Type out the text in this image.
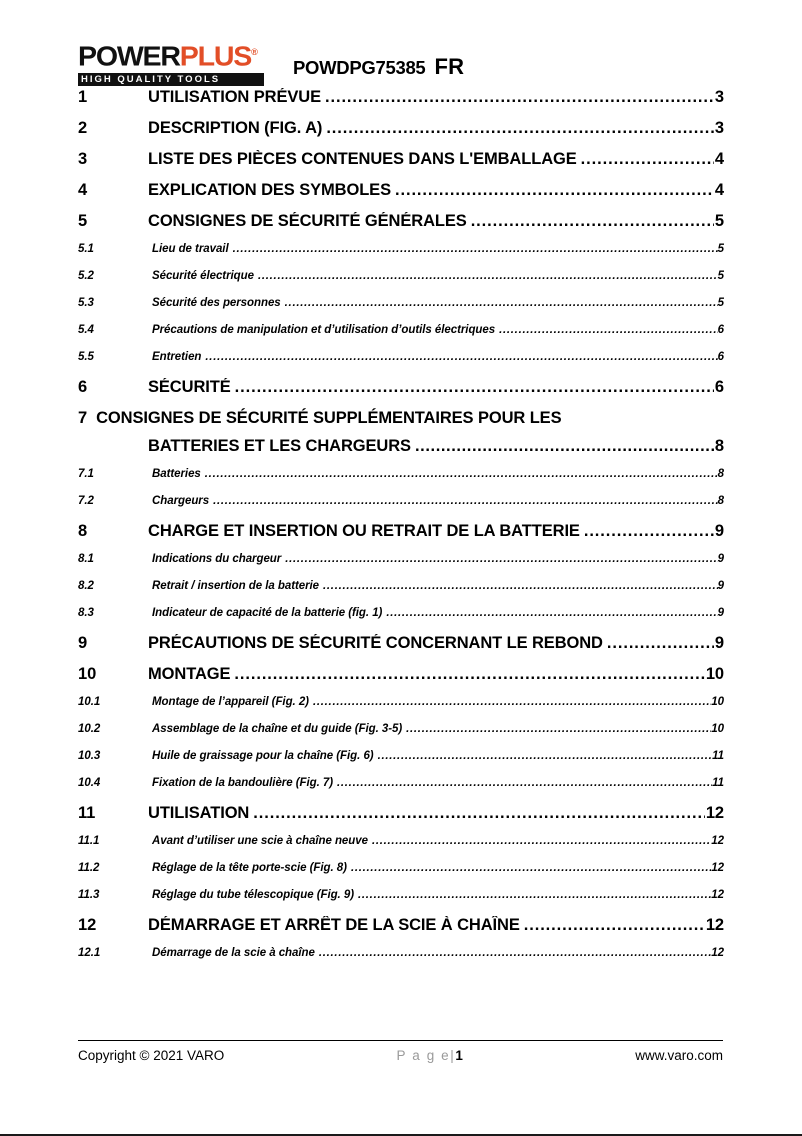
POWERPLUS®
HIGH QUALITY TOOLS
POWDPG75385 FR
1	UTILISATION PRÉVUE .....	3
2	DESCRIPTION (FIG. A) .....	3
3	LISTE DES PIÈCES CONTENUES DANS L'EMBALLAGE .....	4
4	EXPLICATION DES SYMBOLES .....	4
5	CONSIGNES DE SÉCURITÉ GÉNÉRALES .....	5
5.1	Lieu de travail .....	5
5.2	Sécurité électrique .....	5
5.3	Sécurité des personnes .....	5
5.4	Précautions de manipulation et d’utilisation d’outils électriques .....	6
5.5	Entretien .....	6
6	SÉCURITÉ .....	6
7 CONSIGNES DE SÉCURITÉ SUPPLÉMENTAIRES POUR LES
BATTERIES ET LES CHARGEURS .....	8
7.1	Batteries .....	8
7.2	Chargeurs .....	8
8	CHARGE ET INSERTION OU RETRAIT DE LA BATTERIE .....	9
8.1	Indications du chargeur .....	9
8.2	Retrait / insertion de la batterie .....	9
8.3	Indicateur de capacité de la batterie (fig. 1) .....	9
9	PRÉCAUTIONS DE SÉCURITÉ CONCERNANT LE REBOND .....	9
10	MONTAGE .....	10
10.1	Montage de l’appareil (Fig. 2) .....	10
10.2	Assemblage de la chaîne et du guide (Fig. 3-5) .....	10
10.3	Huile de graissage pour la chaîne (Fig. 6) .....	11
10.4	Fixation de la bandoulière (Fig. 7) .....	11
11	UTILISATION .....	12
11.1	Avant d’utiliser une scie à chaîne neuve .....	12
11.2	Réglage de la tête porte-scie (Fig. 8) .....	12
11.3	Réglage du tube télescopique (Fig. 9) .....	12
12	DÉMARRAGE ET ARRÊT DE LA SCIE À CHAÎNE .....	12
12.1	Démarrage de la scie à chaîne .....	12
Copyright © 2021 VARO	P a g e|1	www.varo.com
